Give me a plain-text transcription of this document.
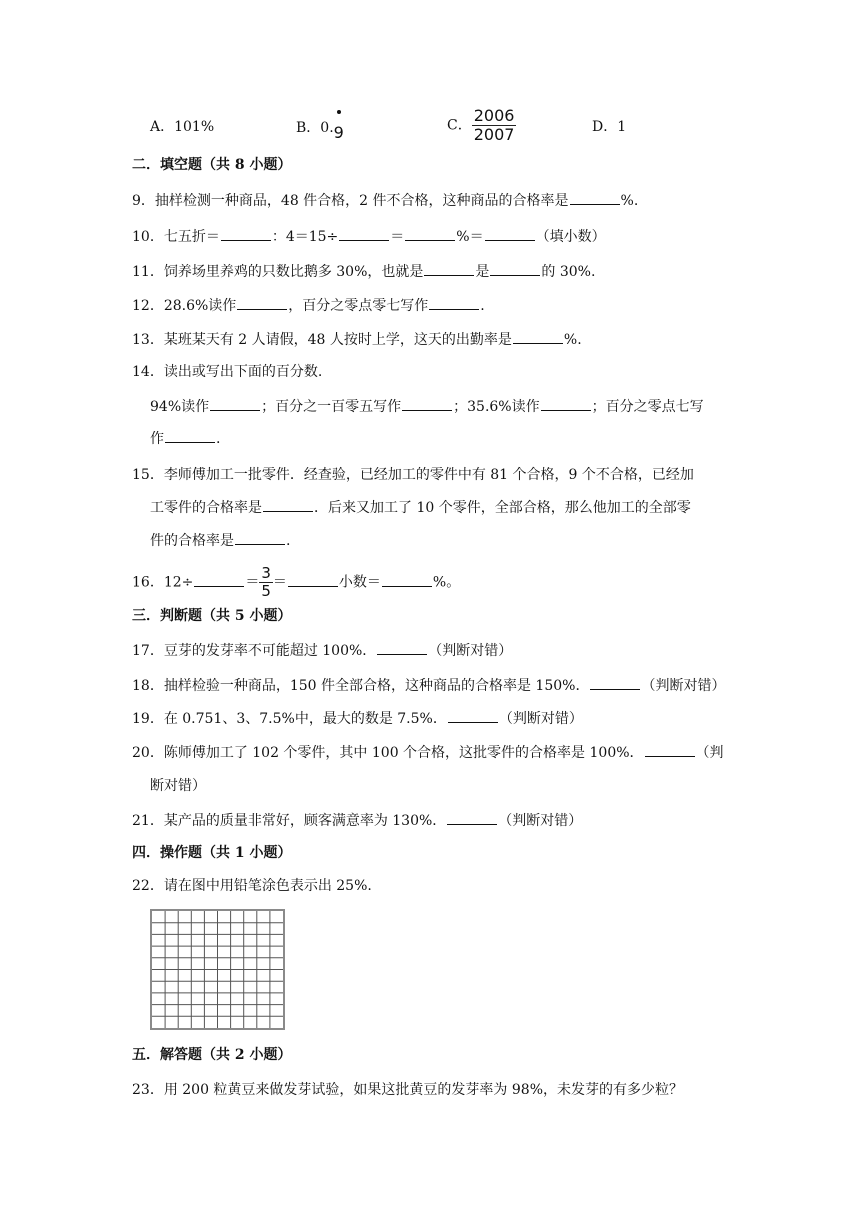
A．101%	B．0.
9	C． $\frac{2006}{2007}$	D．1
二．填空题（共 8 小题）
9．抽样检测一种商品，48 件合格，2 件不合格，这种商品的合格率是	%.
10．七五折＝	：4＝15÷	＝	%＝	（填小数）
11．饲养场里养鸡的只数比鹅多 30%，也就是	是	的 30%.
12．28.6%读作	，百分之零点零七写作	.
13．某班某天有 2 人请假，48 人按时上学，这天的出勤率是	%.
14．读出或写出下面的百分数.
94%读作	；百分之一百零五写作	；35.6%读作	；百分之零点七写
作	.
15．李师傅加工一批零件．经查验，已经加工的零件中有 81 个合格，9 个不合格，已经加
工零件的合格率是	．后来又加工了 10 个零件，全部合格，那么他加工的全部零
件的合格率是	.
16．12÷	＝ $\frac{3}{5}$ ＝	小数＝	%。
三．判断题（共 5 小题）
17．豆芽的发芽率不可能超过 100%．	（判断对错）
18．抽样检验一种商品，150 件全部合格，这种商品的合格率是 150%．	（判断对错）
19．在 0.751、3、7.5%中，最大的数是 7.5%．	（判断对错）
20．陈师傅加工了 102 个零件，其中 100 个合格，这批零件的合格率是 100%．	（判
断对错）
21．某产品的质量非常好，顾客满意率为 130%．	（判断对错）
四．操作题（共 1 小题）
22．请在图中用铅笔涂色表示出 25%.
五．解答题（共 2 小题）
23．用 200 粒黄豆来做发芽试验，如果这批黄豆的发芽率为 98%，未发芽的有多少粒？
